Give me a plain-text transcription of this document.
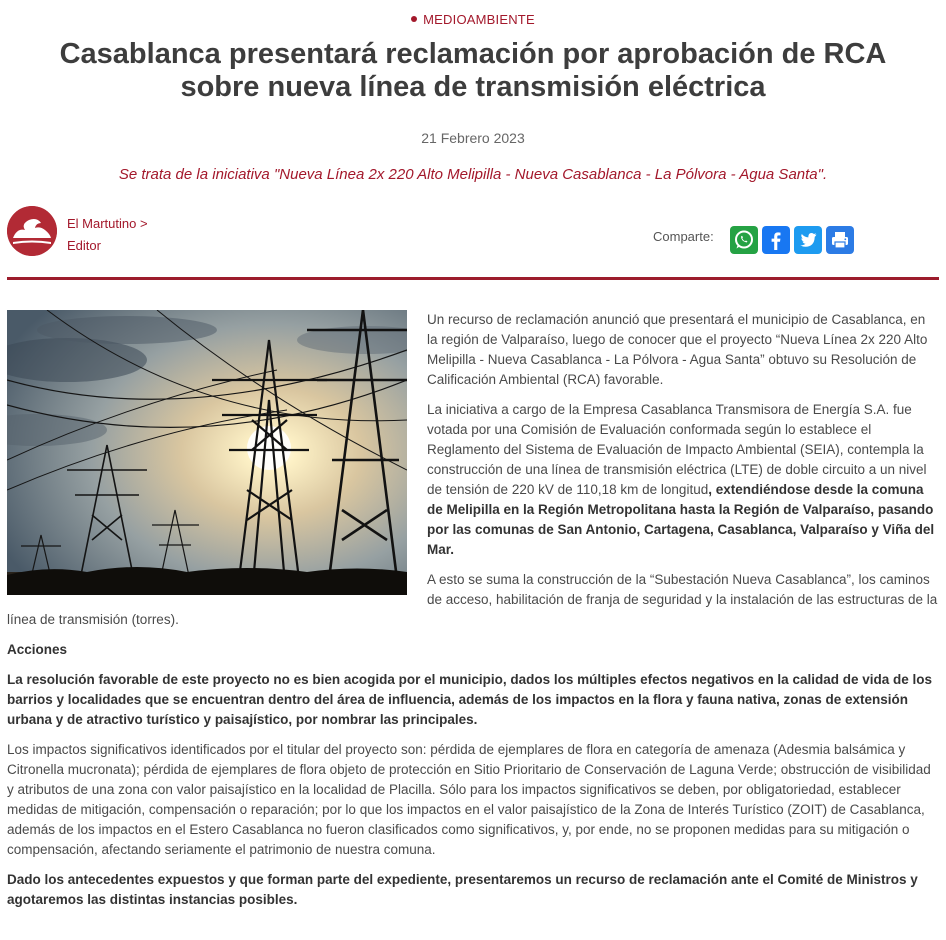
MEDIOAMBIENTE
Casablanca presentará reclamación por aprobación de RCA sobre nueva línea de transmisión eléctrica
21 Febrero 2023
Se trata de la iniciativa "Nueva Línea 2x 220 Alto Melipilla - Nueva Casablanca - La Pólvora - Agua Santa".
El Martutino >
Editor
Comparte:

Un recurso de reclamación anunció que presentará el municipio de Casablanca, en la región de Valparaíso, luego de conocer que el proyecto “Nueva Línea 2x 220 Alto Melipilla - Nueva Casablanca - La Pólvora - Agua Santa” obtuvo su Resolución de Calificación Ambiental (RCA) favorable.

La iniciativa a cargo de la Empresa Casablanca Transmisora de Energía S.A. fue votada por una Comisión de Evaluación conformada según lo establece el Reglamento del Sistema de Evaluación de Impacto Ambiental (SEIA), contempla la construcción de una línea de transmisión eléctrica (LTE) de doble circuito a un nivel de tensión de 220 kV de 110,18 km de longitud, extendiéndose desde la comuna de Melipilla en la Región Metropolitana hasta la Región de Valparaíso, pasando por las comunas de San Antonio, Cartagena, Casablanca, Valparaíso y Viña del Mar.

A esto se suma la construcción de la “Subestación Nueva Casablanca”, los caminos de acceso, habilitación de franja de seguridad y la instalación de las estructuras de la línea de transmisión (torres).

Acciones

La resolución favorable de este proyecto no es bien acogida por el municipio, dados los múltiples efectos negativos en la calidad de vida de los barrios y localidades que se encuentran dentro del área de influencia, además de los impactos en la flora y fauna nativa, zonas de extensión urbana y de atractivo turístico y paisajístico, por nombrar las principales.

Los impactos significativos identificados por el titular del proyecto son: pérdida de ejemplares de flora en categoría de amenaza (Adesmia balsámica y Citronella mucronata); pérdida de ejemplares de flora objeto de protección en Sitio Prioritario de Conservación de Laguna Verde; obstrucción de visibilidad y atributos de una zona con valor paisajístico en la localidad de Placilla. Sólo para los impactos significativos se deben, por obligatoriedad, establecer medidas de mitigación, compensación o reparación; por lo que los impactos en el valor paisajístico de la Zona de Interés Turístico (ZOIT) de Casablanca, además de los impactos en el Estero Casablanca no fueron clasificados como significativos, y, por ende, no se proponen medidas para su mitigación o compensación, afectando seriamente el patrimonio de nuestra comuna.

Dado los antecedentes expuestos y que forman parte del expediente, presentaremos un recurso de reclamación ante el Comité de Ministros y agotaremos las distintas instancias posibles.
